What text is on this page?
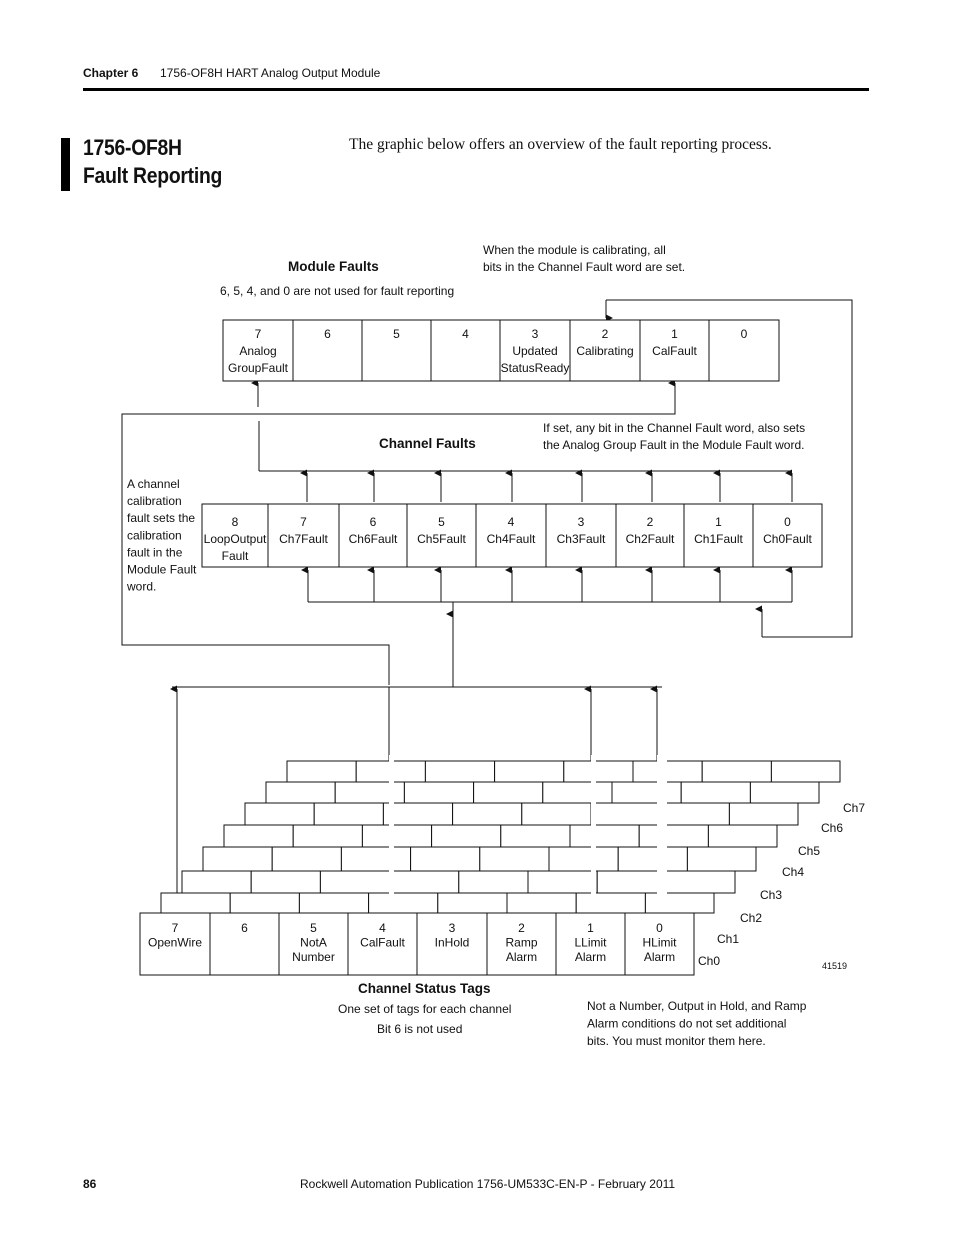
Chapter 6 1756-OF8H HART Analog Output Module
1756-OF8H
Fault Reporting
The graphic below offers an overview of the fault reporting process.
Module Faults
6, 5, 4, and 0 are not used for fault reporting
When the module is calibrating, all
bits in the Channel Fault word are set.
7
Analog
GroupFault
6	5	4	3
Updated
StatusReady
2
Calibrating
1
CalFault
0
Channel Faults
If set, any bit in the Channel Fault word, also sets
the Analog Group Fault in the Module Fault word.
A channel
calibration
fault sets the
calibration
fault in the
Module Fault
word.
8
LoopOutput
Fault
7
Ch7Fault
6
Ch6Fault
5
Ch5Fault
4
Ch4Fault
3
Ch3Fault
2
Ch2Fault
1
Ch1Fault
0
Ch0Fault
7
OpenWire
6	5
NotA
Number
4
CalFault
3
InHold
2
Ramp
Alarm
1
LLimit
Alarm
0
HLimit
Alarm
Ch7
Ch6
Ch5
Ch4
Ch3
Ch2
Ch1
Ch0
Channel Status Tags
One set of tags for each channel
Bit 6 is not used
Not a Number, Output in Hold, and Ramp
Alarm conditions do not set additional
bits. You must monitor them here.
41519
86	Rockwell Automation Publication 1756-UM533C-EN-P - February 2011
